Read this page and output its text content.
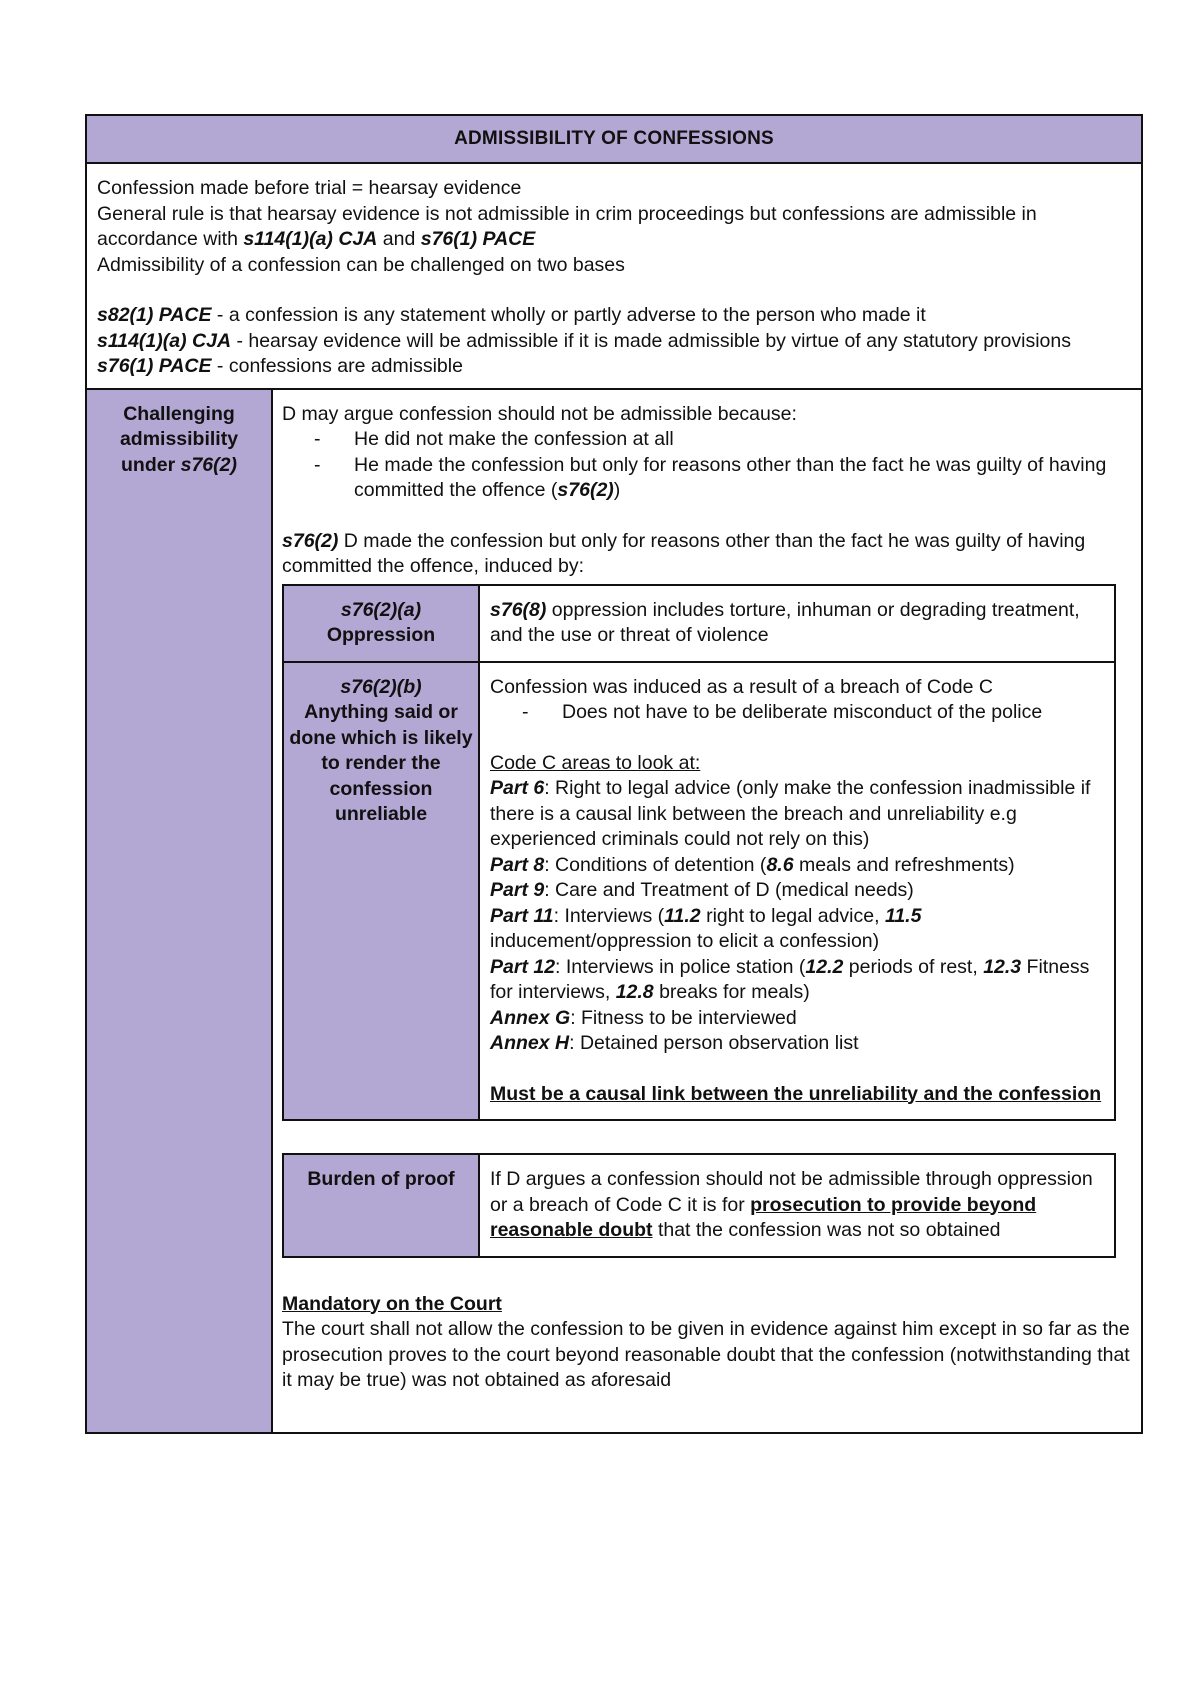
ADMISSIBILITY OF CONFESSIONS

Confession made before trial = hearsay evidence

General rule is that hearsay evidence is not admissible in crim proceedings but confessions are admissible in accordance with s114(1)(a) CJA and s76(1) PACE

Admissibility of a confession can be challenged on two bases

s82(1) PACE - a confession is any statement wholly or partly adverse to the person who made it

s114(1)(a) CJA - hearsay evidence will be admissible if it is made admissible by virtue of any statutory provisions

s76(1) PACE - confessions are admissible

Challenging
admissibility
under s76(2)

D may argue confession should not be admissible because:

- He did not make the confession at all
- He made the confession but only for reasons other than the fact he was guilty of having committed the offence (s76(2))

s76(2) D made the confession but only for reasons other than the fact he was guilty of having committed the offence, induced by:

s76(2)(a)
Oppression
s76(8) oppression includes torture, inhuman or degrading treatment, and the use or threat of violence
s76(2)(b)
Anything said or done which is likely to render the confession unreliable

Confession was induced as a result of a breach of Code C

- Does not have to be deliberate misconduct of the police

Code C areas to look at:

Part 6: Right to legal advice (only make the confession inadmissible if there is a causal link between the breach and unreliability e.g experienced criminals could not rely on this)

Part 8: Conditions of detention (8.6 meals and refreshments)

Part 9: Care and Treatment of D (medical needs)

Part 11: Interviews (11.2 right to legal advice, 11.5 inducement/oppression to elicit a confession)

Part 12: Interviews in police station (12.2 periods of rest, 12.3 Fitness for interviews, 12.8 breaks for meals)

Annex G: Fitness to be interviewed

Annex H: Detained person observation list

Must be a causal link between the unreliability and the confession

Burden of proof	If D argues a confession should not be admissible through oppression or a breach of Code C it is for prosecution to provide beyond reasonable doubt that the confession was not so obtained

Mandatory on the Court

The court shall not allow the confession to be given in evidence against him except in so far as the prosecution proves to the court beyond reasonable doubt that the confession (notwithstanding that it may be true) was not obtained as aforesaid
